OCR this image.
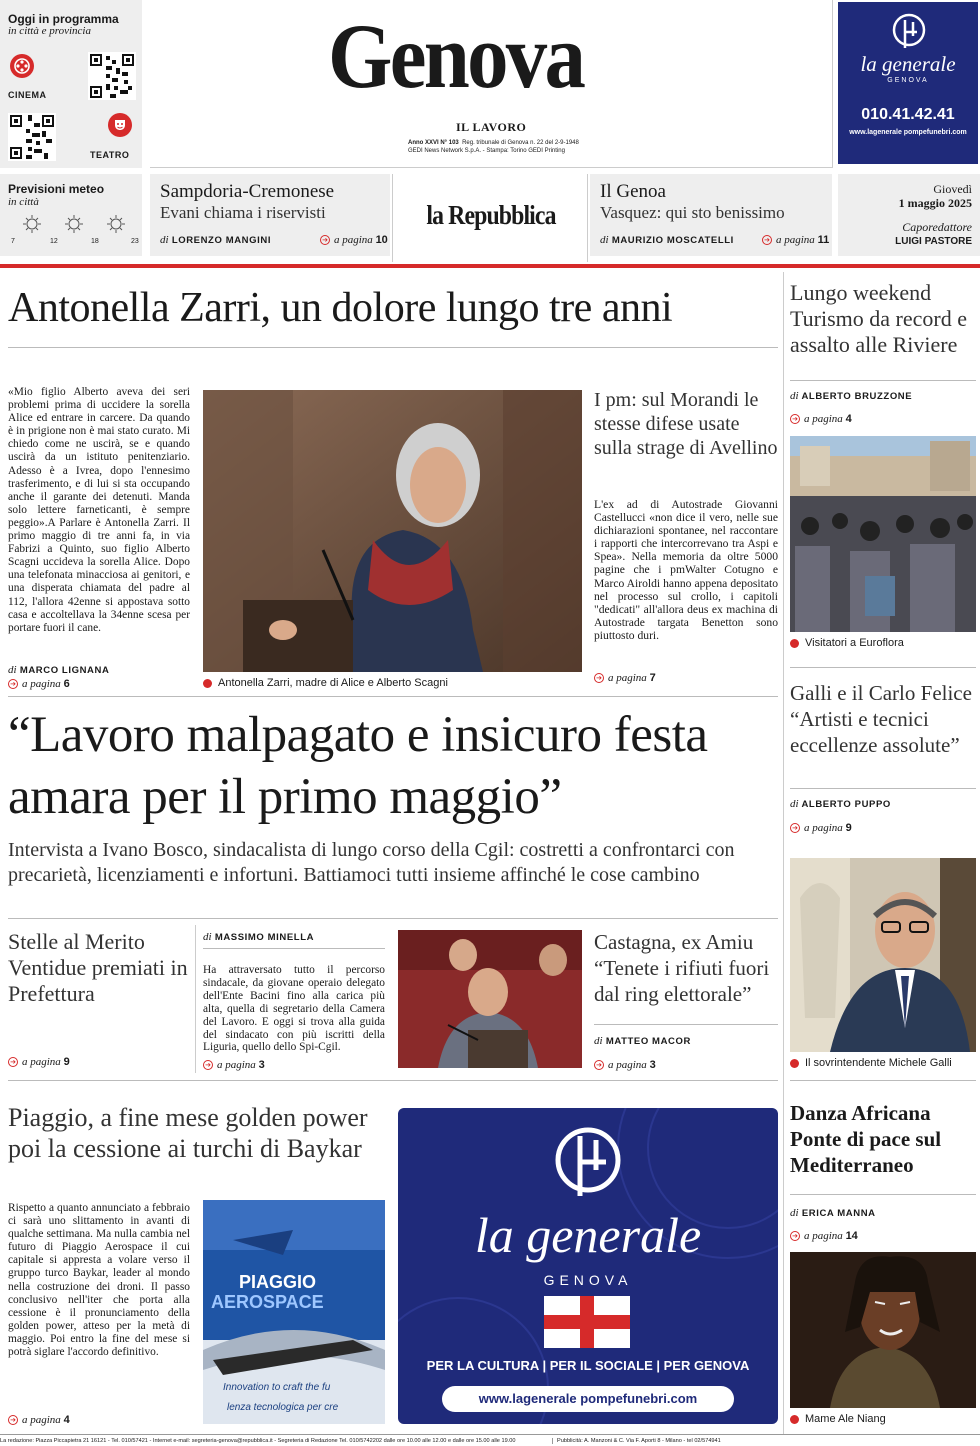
Oggi in programma
in città e provincia
CINEMA
TEATRO
Genova
IL LAVORO
Anno XXVI N° 103 Reg. tribunale di Genova n. 22 del 2-9-1948
GEDI News Network S.p.A. - Stampa: Torino GEDI Printing
la generale
GENOVA
010.41.42.41
www.lagenerale pompefunebri.com
Previsioni meteo
in città
7	12	18	23
Sampdoria-Cremonese
Evani chiama i riservisti
di LORENZO MANGINI	➔ a pagina 10
la Repubblica
Il Genoa
Vasquez: qui sto benissimo
di MAURIZIO MOSCATELLI	➔ a pagina 11
Giovedì
1 maggio 2025
Caporedattore
LUIGI PASTORE
Antonella Zarri, un dolore lungo tre anni
«Mio figlio Alberto aveva dei seri problemi prima di uccidere la sorella Alice ed entrare in carcere. Da quando è in prigione non è mai stato curato. Mi chiedo come ne uscirà, se e quando uscirà da un istituto penitenziario. Adesso è a Ivrea, dopo l'ennesimo trasferimento, e di lui si sta occupando anche il garante dei detenuti. Manda solo lettere farneticanti, è sempre peggio».A Parlare è Antonella Zarri. Il primo maggio di tre anni fa, in via Fabrizi a Quinto, suo figlio Alberto Scagni uccideva la sorella Alice. Dopo una telefonata minacciosa ai genitori, e una disperata chiamata del padre al 112, l'allora 42enne si appostava sotto casa e accoltellava la 34enne scesa per portare fuori il cane.
di MARCO LIGNANA
➔ a pagina 6	Antonella Zarri, madre di Alice e Alberto Scagni
I pm: sul Morandi le stesse difese usate sulla strage di Avellino
L'ex ad di Autostrade Giovanni Castellucci «non dice il vero, nelle sue dichiarazioni spontanee, nel raccontare i rapporti che intercorrevano tra Aspi e Spea». Nella memoria da oltre 5000 pagine che i pmWalter Cotugno e Marco Airoldi hanno appena depositato nel processo sul crollo, i capitoli "dedicati" all'allora deus ex machina di Autostrade targata Benetton sono piuttosto duri.
➔ a pagina 7
Lungo weekend Turismo da record e assalto alle Riviere
di ALBERTO BRUZZONE
➔ a pagina 4
Visitatori a Euroflora
Galli e il Carlo Felice “Artisti e tecnici eccellenze assolute”
di ALBERTO PUPPO
➔ a pagina 9
Il sovrintendente Michele Galli
“Lavoro malpagato e insicuro festa amara per il primo maggio”
Intervista a Ivano Bosco, sindacalista di lungo corso della Cgil: costretti a confrontarci con precarietà, licenziamenti e infortuni. Battiamoci tutti insieme affinché le cose cambino
Stelle al Merito Ventidue premiati in Prefettura
➔ a pagina 9
di MASSIMO MINELLA
Ha attraversato tutto il percorso sindacale, da giovane operaio delegato dell'Ente Bacini fino alla carica più alta, quella di segretario della Camera del Lavoro. E oggi si trova alla guida del sindacato con più iscritti della Liguria, quello dello Spi-Cgil.
➔ a pagina 3
Castagna, ex Amiu “Tenete i rifiuti fuori dal ring elettorale”
di MATTEO MACOR
➔ a pagina 3
Piaggio, a fine mese golden power poi la cessione ai turchi di Baykar
Rispetto a quanto annunciato a febbraio ci sarà uno slittamento in avanti di qualche settimana. Ma nulla cambia nel futuro di Piaggio Aerospace il cui capitale si appresta a volare verso il gruppo turco Baykar, leader al mondo nella costruzione dei droni. Il passo conclusivo nell'iter che porta alla cessione è il pronunciamento della golden power, atteso per la metà di maggio. Poi entro la fine del mese si potrà siglare l'accordo definitivo.
➔ a pagina 4
PIAGGIO
AEROSPACE
Innovation to craft the fu
lenza tecnologica per cre
la generale
GENOVA
PER LA CULTURA | PER IL SOCIALE | PER GENOVA
www.lagenerale pompefunebri.com
Danza Africana Ponte di pace sul Mediterraneo
di ERICA MANNA
➔ a pagina 14
Mame Ale Niang
La redazione: Piazza Piccapietra 21 16121 - Tel. 010/57421 - Internet e-mail: segreteria-genova@repubblica.it - Segreteria di Redazione Tel. 010/5742202 dalle ore 10.00 alle 12.00 e dalle ore 15.00 alle 19.00	Pubblicità: A. Manzoni & C. Via F. Aporti 8 - Milano - tel 02/574941
